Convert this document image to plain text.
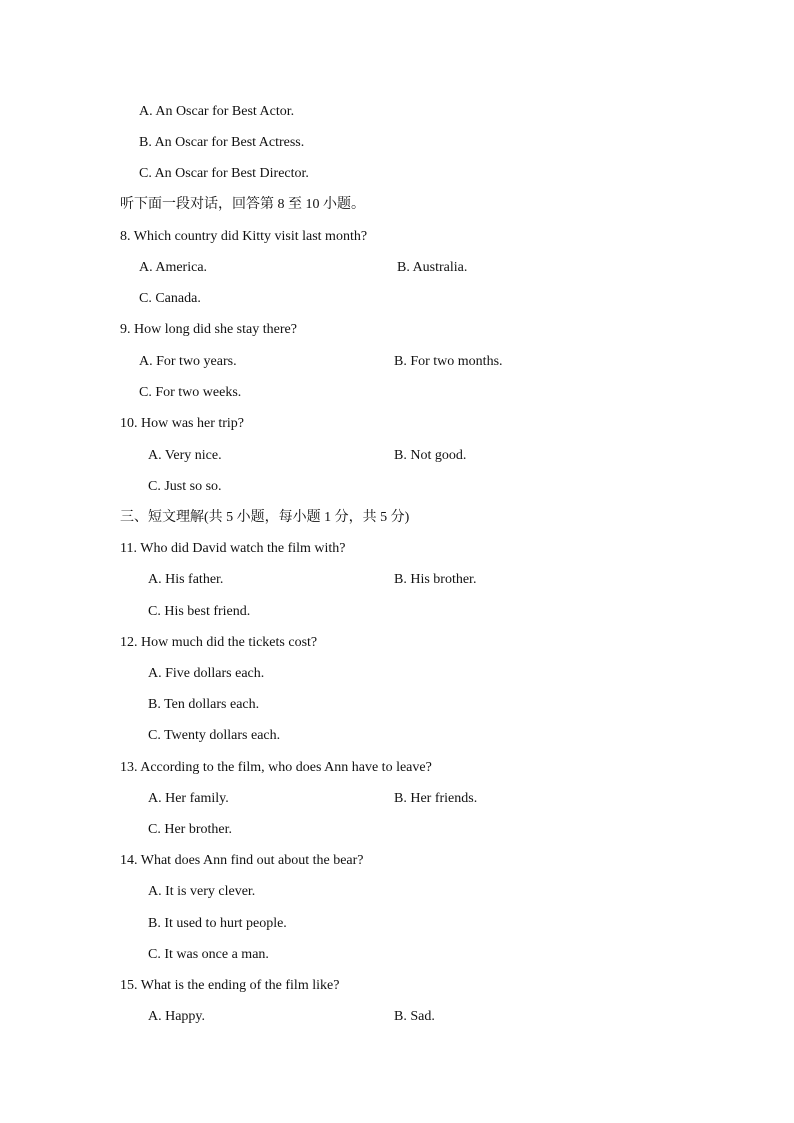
A. An Oscar for Best Actor.
B. An Oscar for Best Actress.
C. An Oscar for Best Director.
听下面一段对话，回答第 8 至 10 小题。
8. Which country did Kitty visit last month?
A. America.	B. Australia.
C. Canada.
9. How long did she stay there?
A. For two years.	B. For two months.
C. For two weeks.
10. How was her trip?
A. Very nice.	B. Not good.
C. Just so so.
三、短文理解(共 5 小题，每小题 1 分，共 5 分)
11. Who did David watch the film with?
A. His father.	B. His brother.
C. His best friend.
12. How much did the tickets cost?
A. Five dollars each.
B. Ten dollars each.
C. Twenty dollars each.
13. According to the film, who does Ann have to leave?
A. Her family.	B. Her friends.
C. Her brother.
14. What does Ann find out about the bear?
A. It is very clever.
B. It used to hurt people.
C. It was once a man.
15. What is the ending of the film like?
A. Happy.	B. Sad.
